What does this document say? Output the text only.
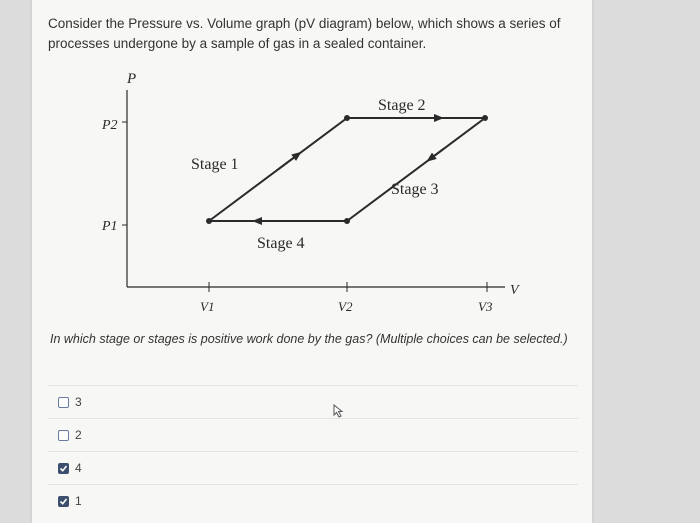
Consider the Pressure vs. Volume graph (pV diagram) below, which shows a series of processes undergone by a sample of gas in a sealed container.
P
V
P2
P1
V1	V2	V3
Stage 1
Stage 2
Stage 3
Stage 4
In which stage or stages is positive work done by the gas? (Multiple choices can be selected.)
3
2
4
1
